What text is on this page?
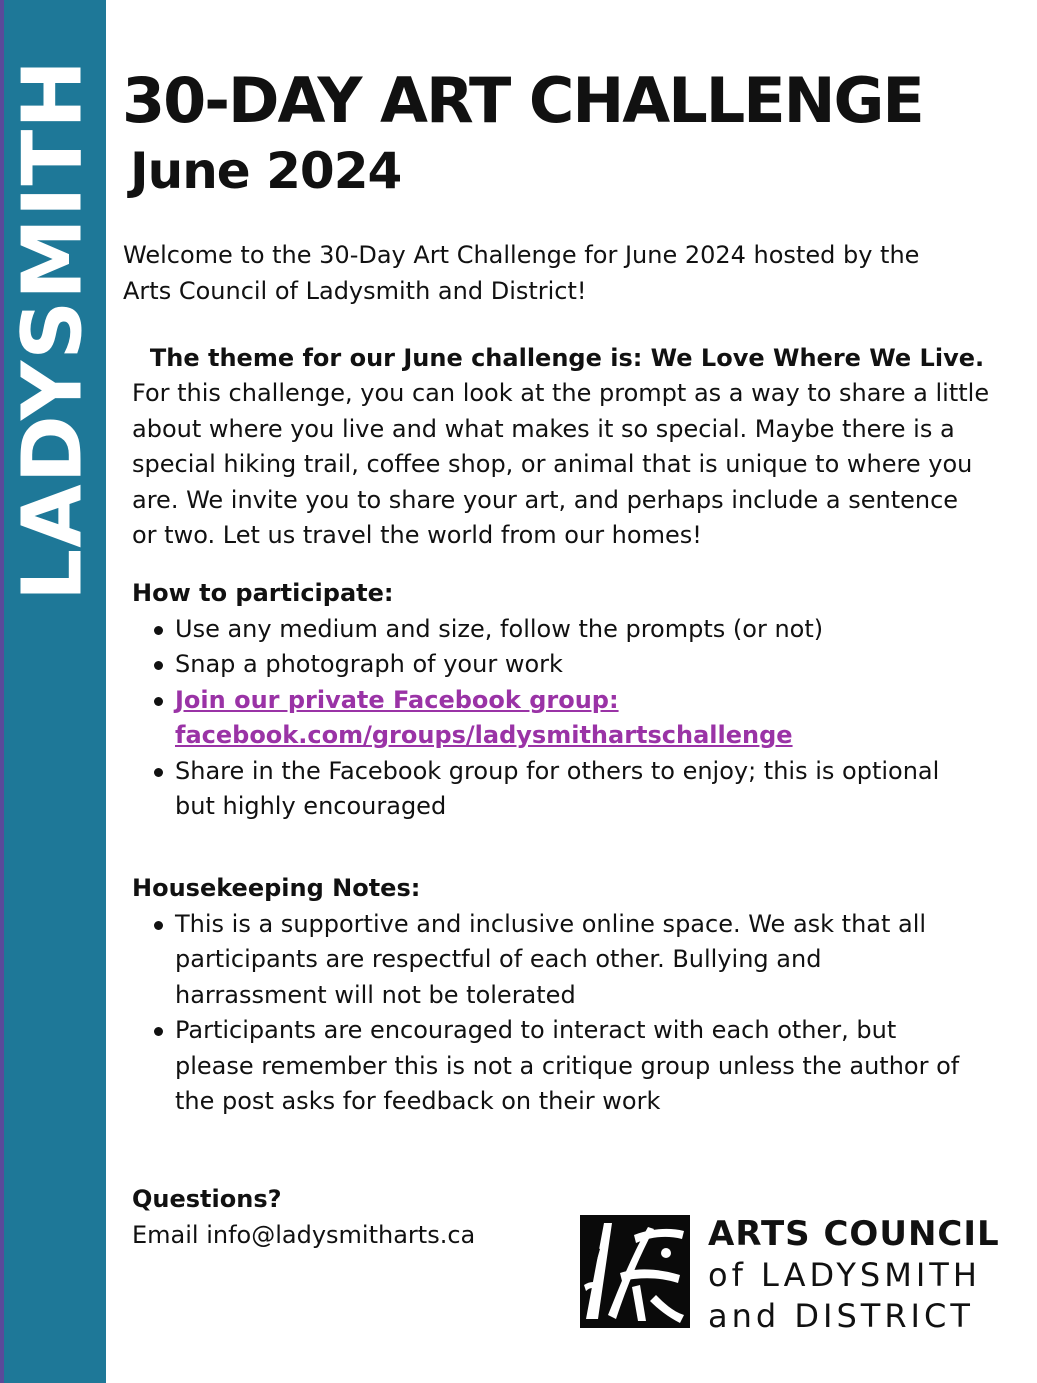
LADYSMITH 30-DAY ART CHALLENGE
June 2024

Welcome to the 30-Day Art Challenge for June 2024 hosted by the
Arts Council of Ladysmith and District!

The theme for our June challenge is: We Love Where We Live.

For this challenge, you can look at the prompt as a way to share a little
about where you live and what makes it so special. Maybe there is a
special hiking trail, coffee shop, or animal that is unique to where you
are. We invite you to share your art, and perhaps include a sentence
or two. Let us travel the world from our homes!

How to participate:

Use any medium and size, follow the prompts (or not)
Snap a photograph of your work
Join our private Facebook group:
facebook.com/groups/ladysmithartschallenge
Share in the Facebook group for others to enjoy; this is optional
but highly encouraged

Housekeeping Notes:

This is a supportive and inclusive online space. We ask that all
participants are respectful of each other. Bullying and
harrassment will not be tolerated
Participants are encouraged to interact with each other, but
please remember this is not a critique group unless the author of
the post asks for feedback on their work

Questions?

Email info@ladysmitharts.ca	ARTS COUNCIL
of LADYSMITH
and DISTRICT
